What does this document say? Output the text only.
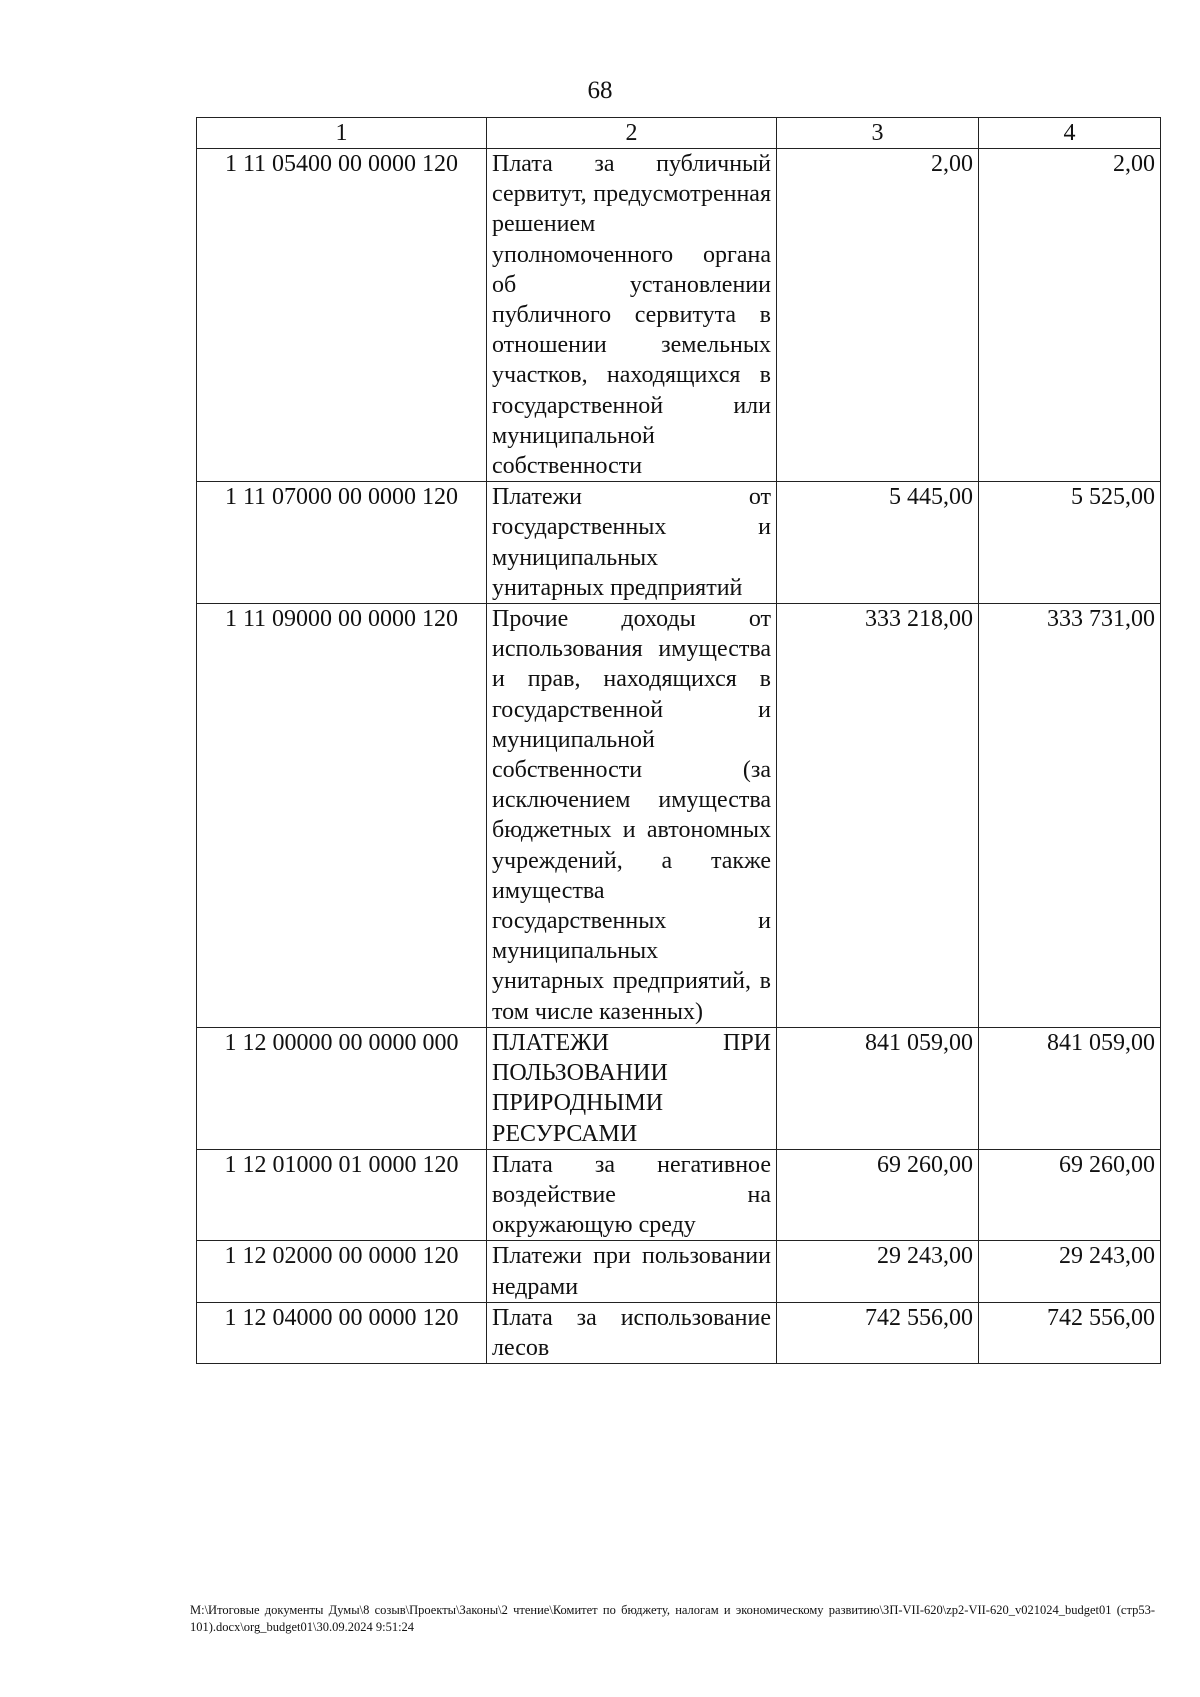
68
1	2	3	4
1 11 05400 00 0000 120	Плата за публичный сервитут, предусмотренная решением уполномоченного органа об установлении публичного сервитута в отношении земельных участков, находящихся в государственной или муниципальной собственности	2,00	2,00
1 11 07000 00 0000 120	Платежи от государственных и муниципальных унитарных предприятий	5 445,00	5 525,00
1 11 09000 00 0000 120	Прочие доходы от использования имущества и прав, находящихся в государственной и муниципальной собственности (за исключением имущества бюджетных и автономных учреждений, а также имущества государственных и муниципальных унитарных предприятий, в том числе казенных)	333 218,00	333 731,00
1 12 00000 00 0000 000	ПЛАТЕЖИ ПРИ ПОЛЬЗОВАНИИ ПРИРОДНЫМИ РЕСУРСАМИ	841 059,00	841 059,00
1 12 01000 01 0000 120	Плата за негативное воздействие на окружающую среду	69 260,00	69 260,00
1 12 02000 00 0000 120	Платежи при пользовании недрами	29 243,00	29 243,00
1 12 04000 00 0000 120	Плата за использование лесов	742 556,00	742 556,00
M:\Итоговые документы Думы\8 созыв\Проекты\Законы\2 чтение\Комитет по бюджету, налогам и экономическому развитию\ЗП-VII-620\zp2-VII-620_v021024_budget01 (стр53-101).docx\org_budget01\30.09.2024 9:51:24
